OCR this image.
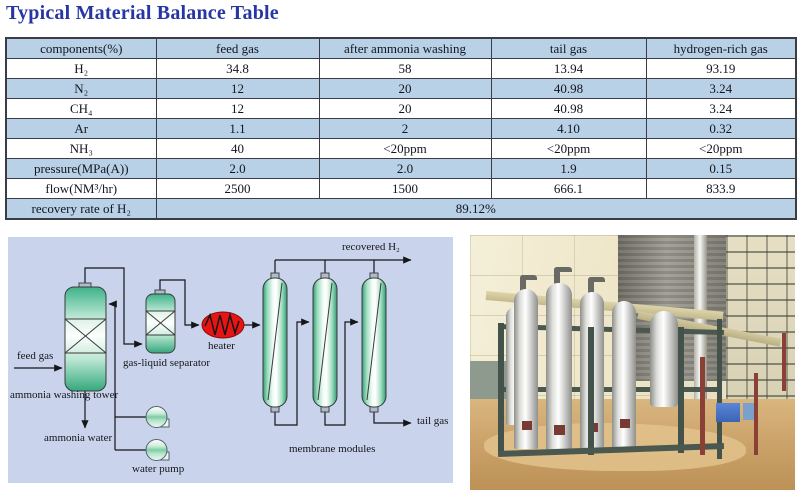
Typical Material Balance Table
components(%)	feed gas	after ammonia washing	tail gas	hydrogen-rich gas
H₂	34.8	58	13.94	93.19
N₂	12	20	40.98	3.24
CH₄	12	20	40.98	3.24
Ar	1.1	2	4.10	0.32
NH₃	40	<20ppm	<20ppm	<20ppm
pressure(MPa(A))	2.0	2.0	1.9	0.15
flow(NM³/hr)	2500	1500	666.1	833.9
recovery rate of H₂	89.12%			
feed gas
ammonia washing tower
ammonia water
gas-liquid separator
heater
water pump
membrane modules
recovered H₂
tail gas
